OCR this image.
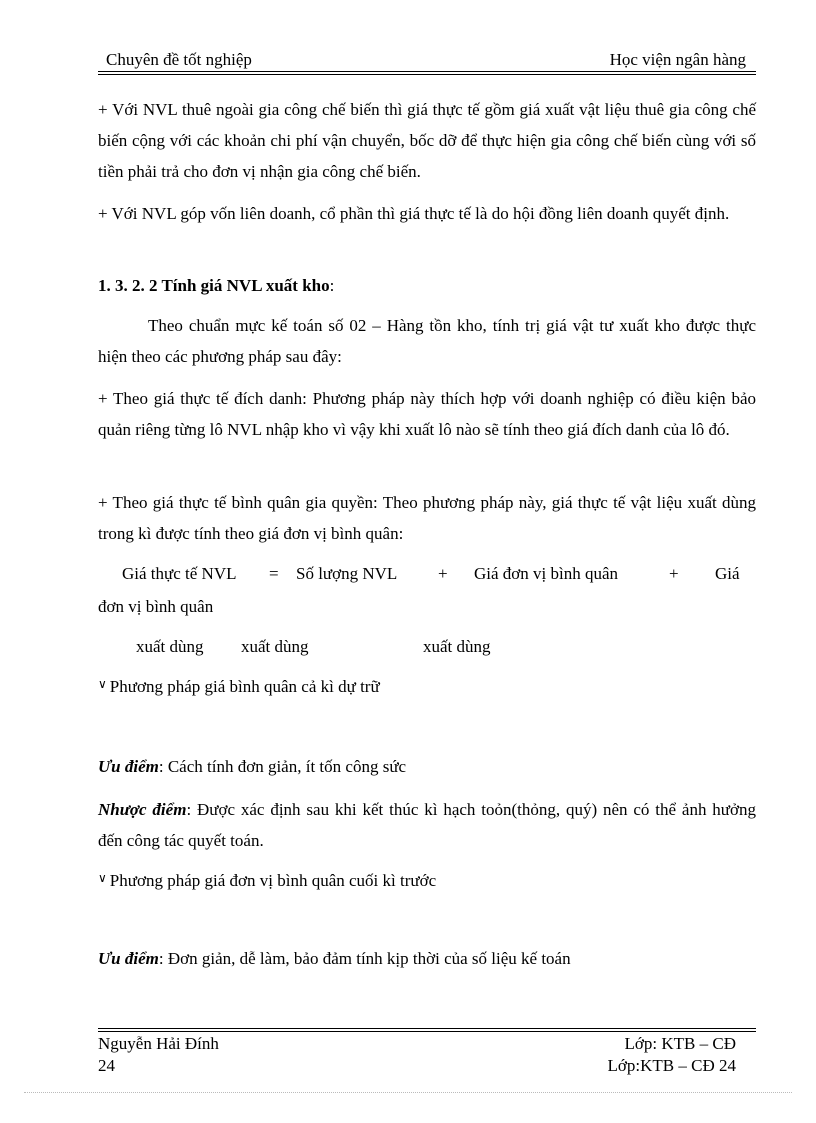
Chuyên đề tốt nghiệp	Học viện ngân hàng

+ Với NVL thuê ngoài gia công chế biến thì giá thực tế gồm giá xuất vật liệu thuê gia công chế biến cộng với các khoản chi phí vận chuyển, bốc dỡ để thực hiện gia công chế biến cùng với số tiền phải trả cho đơn vị nhận gia công chế biến.

+ Với NVL góp vốn liên doanh, cổ phần thì giá thực tế là do hội đồng liên doanh quyết định.

1. 3. 2. 2 Tính giá NVL xuất kho:

Theo chuẩn mực kế toán số 02 – Hàng tồn kho, tính trị giá vật tư xuất kho được thực hiện theo các phương pháp sau đây:

+ Theo giá thực tế đích danh: Phương pháp này thích hợp với doanh nghiệp có điều kiện bảo quản riêng từng lô NVL nhập kho vì vậy khi xuất lô nào sẽ tính theo giá đích danh của lô đó.

+ Theo giá thực tế bình quân gia quyền: Theo phương pháp này, giá thực tế vật liệu xuất dùng trong kì được tính theo giá đơn vị bình quân:

Giá thực tế NVL = Số lượng NVL + Giá đơn vị bình quân	+ Giá
đơn vị bình quân
xuất dùng xuất dùng	xuất dùng
∨ Phương pháp giá bình quân cả kì dự trữ
Ưu điểm: Cách tính đơn giản, ít tốn công sức

Nhược điểm: Được xác định sau khi kết thúc kì hạch toỏn(thỏng, quý) nên có thể ảnh hưởng đến công tác quyết toán.

∨ Phương pháp giá đơn vị bình quân cuối kì trước
Ưu điểm: Đơn giản, dễ làm, bảo đảm tính kịp thời của số liệu kế toán
Nguyễn Hải Đính	Lớp: KTB – CĐ
24	Lớp:KTB – CĐ 24
